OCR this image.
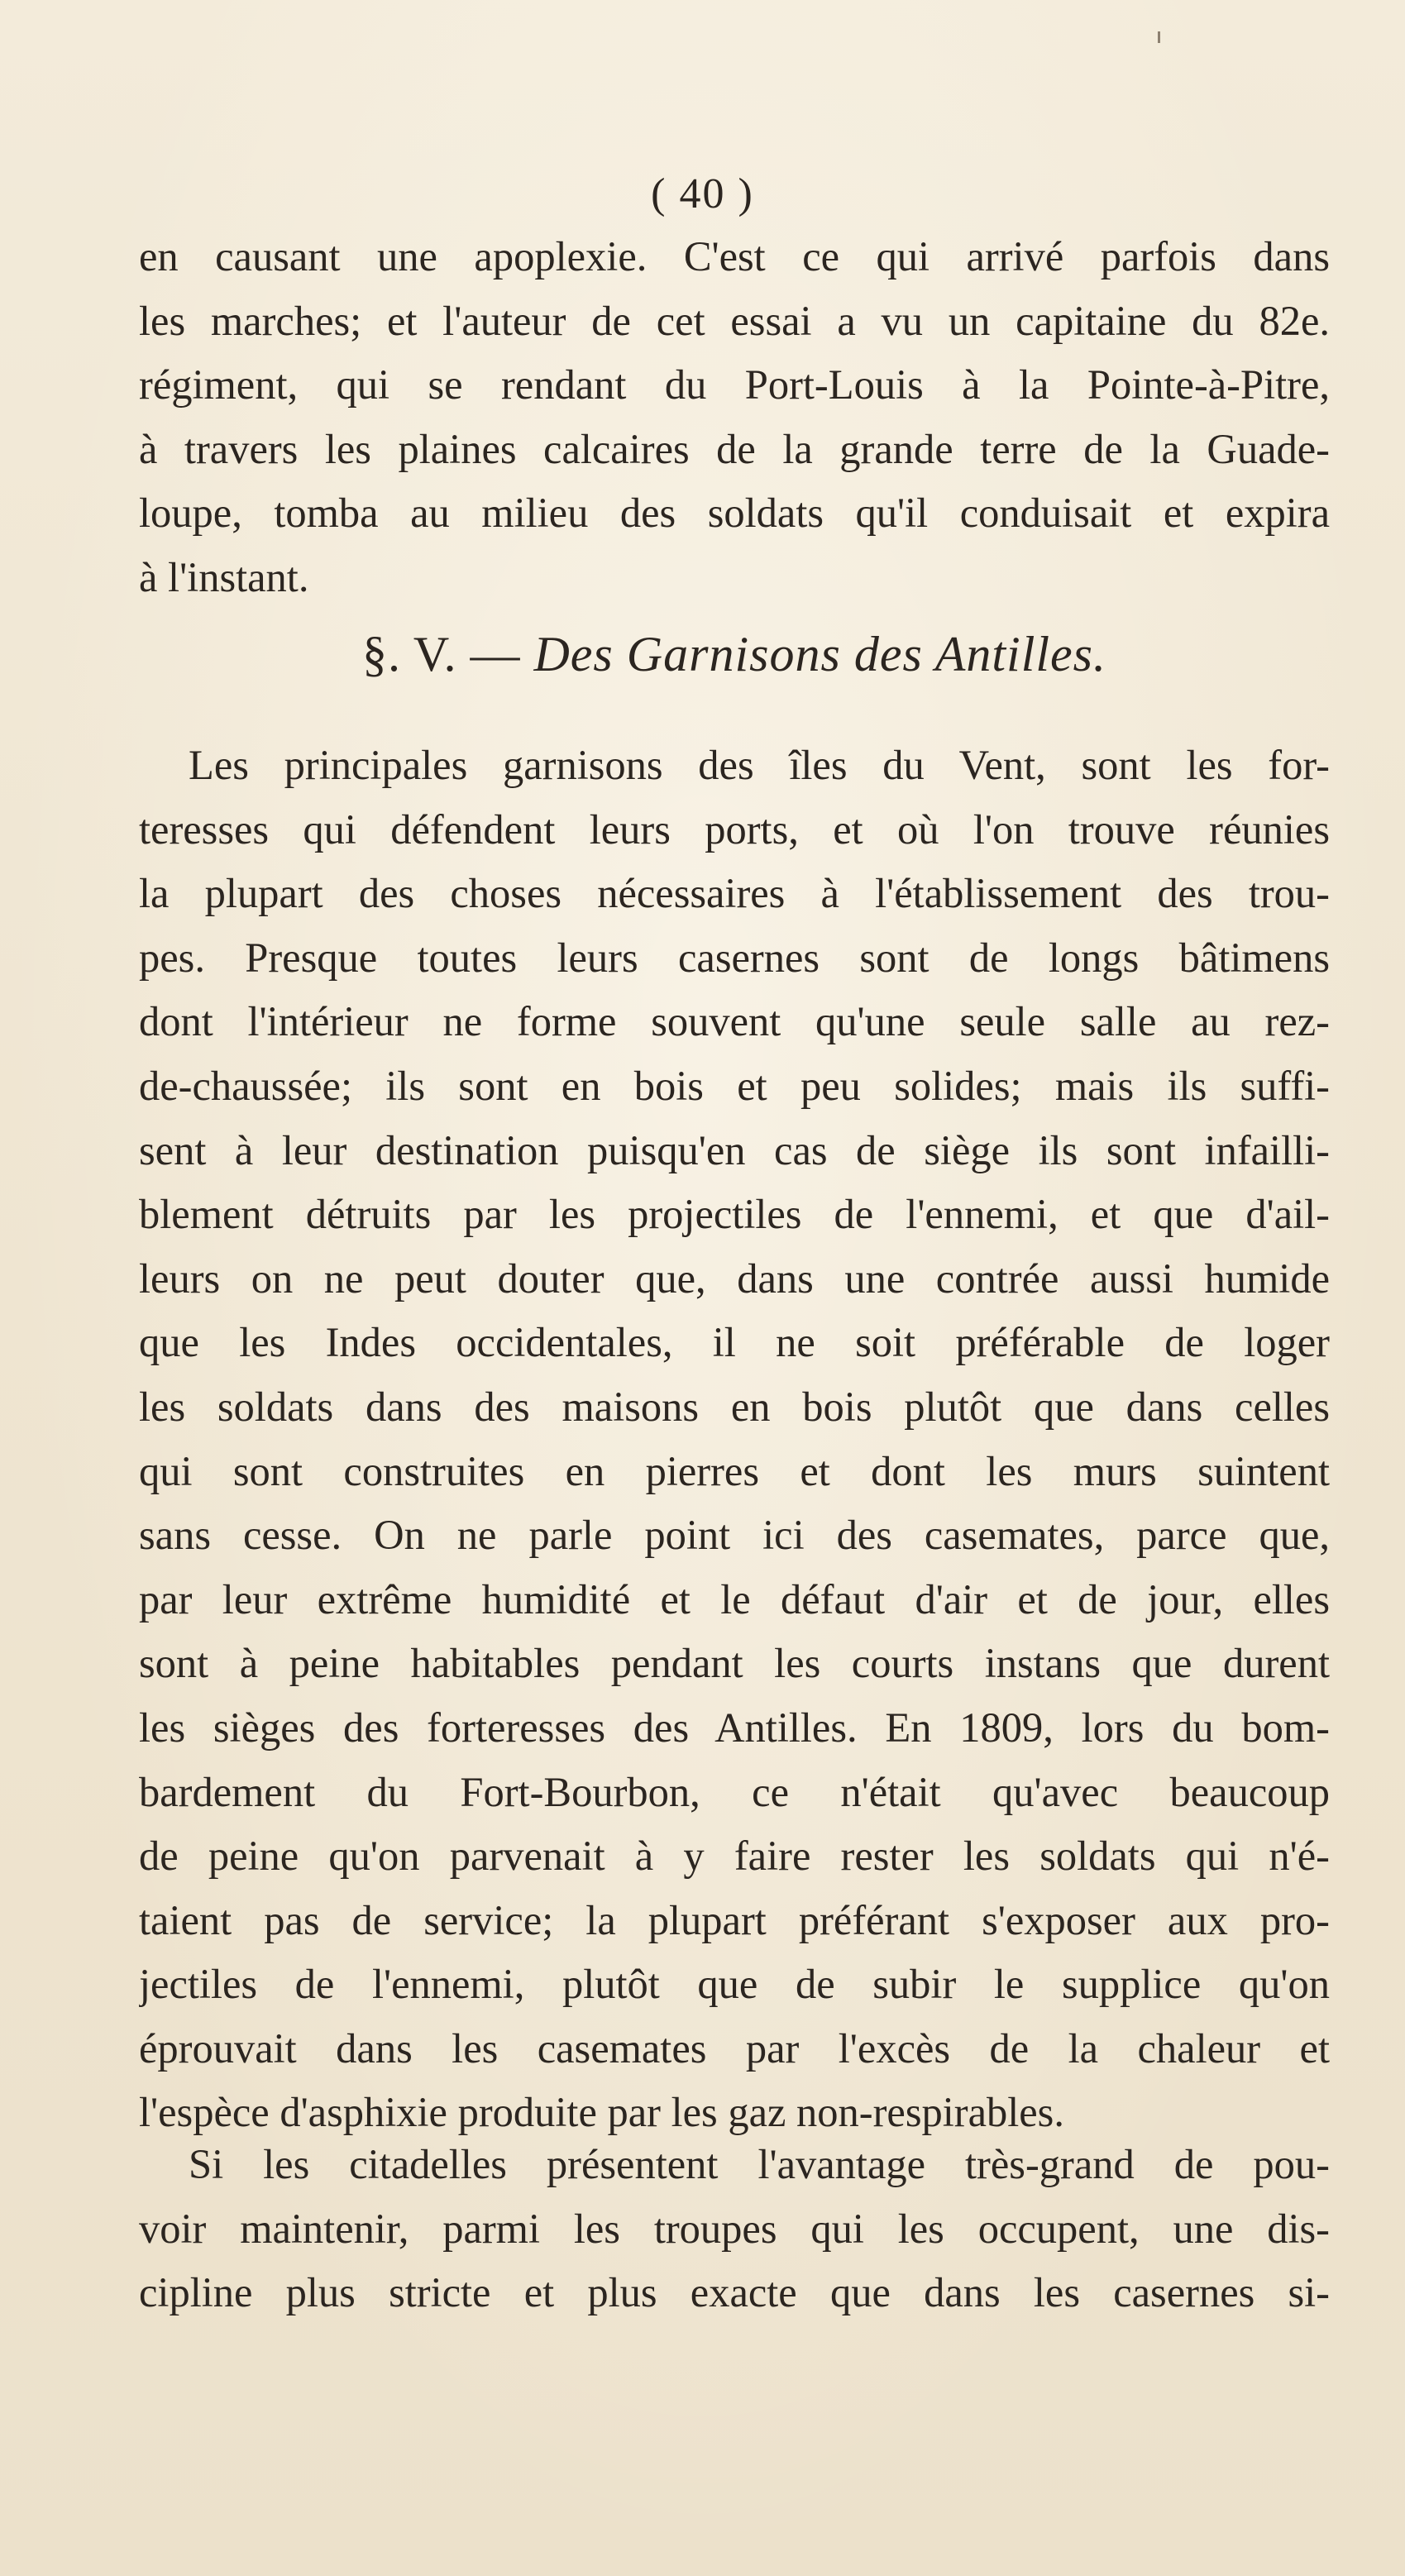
( 40 )
en causant une apoplexie. C'est ce qui arrivé parfois dans
les marches; et l'auteur de cet essai a vu un capitaine du 82e.
régiment, qui se rendant du Port-Louis à la Pointe-à-Pitre,
à travers les plaines calcaires de la grande terre de la Guade-
loupe, tomba au milieu des soldats qu'il conduisait et expira
à l'instant.
§. V. — Des Garnisons des Antilles.
Les principales garnisons des îles du Vent, sont les for-
teresses qui défendent leurs ports, et où l'on trouve réunies
la plupart des choses nécessaires à l'établissement des trou-
pes. Presque toutes leurs casernes sont de longs bâtimens
dont l'intérieur ne forme souvent qu'une seule salle au rez-
de-chaussée; ils sont en bois et peu solides; mais ils suffi-
sent à leur destination puisqu'en cas de siège ils sont infailli-
blement détruits par les projectiles de l'ennemi, et que d'ail-
leurs on ne peut douter que, dans une contrée aussi humide
que les Indes occidentales, il ne soit préférable de loger
les soldats dans des maisons en bois plutôt que dans celles
qui sont construites en pierres et dont les murs suintent
sans cesse. On ne parle point ici des casemates, parce que,
par leur extrême humidité et le défaut d'air et de jour, elles
sont à peine habitables pendant les courts instans que durent
les sièges des forteresses des Antilles. En 1809, lors du bom-
bardement du Fort-Bourbon, ce n'était qu'avec beaucoup
de peine qu'on parvenait à y faire rester les soldats qui n'é-
taient pas de service; la plupart préférant s'exposer aux pro-
jectiles de l'ennemi, plutôt que de subir le supplice qu'on
éprouvait dans les casemates par l'excès de la chaleur et
l'espèce d'asphixie produite par les gaz non-respirables.
Si les citadelles présentent l'avantage très-grand de pou-
voir maintenir, parmi les troupes qui les occupent, une dis-
cipline plus stricte et plus exacte que dans les casernes si-
